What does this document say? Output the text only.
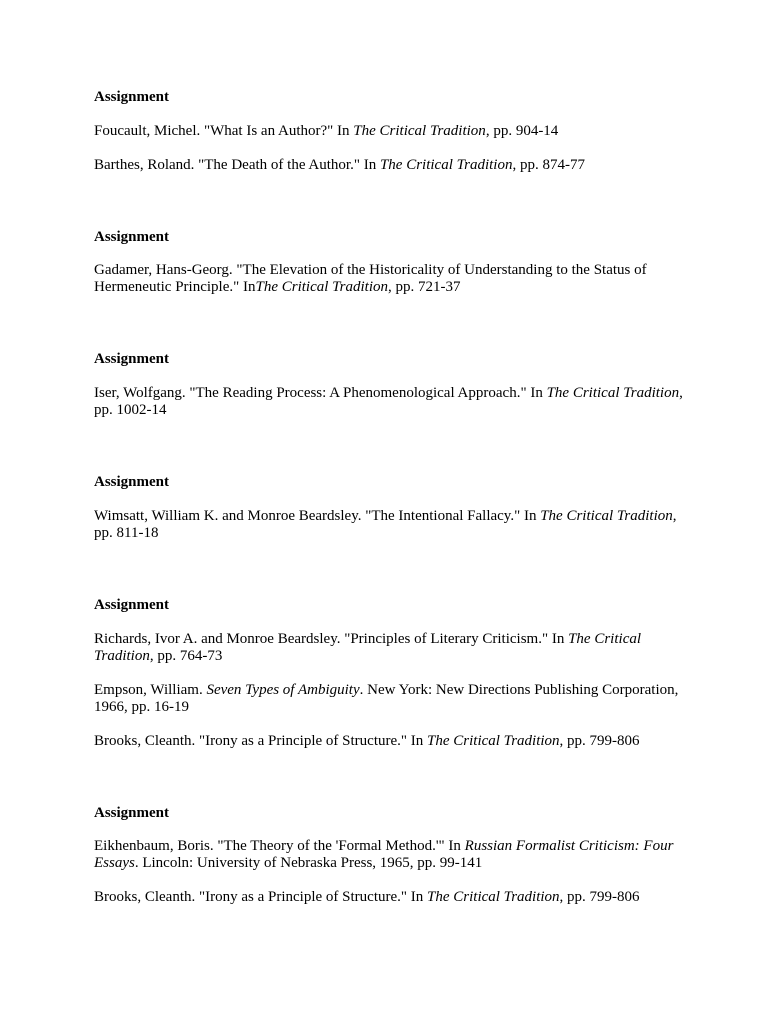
Assignment

Foucault, Michel. "What Is an Author?" In The Critical Tradition, pp. 904-14

Barthes, Roland. "The Death of the Author." In The Critical Tradition, pp. 874-77

Assignment

Gadamer, Hans-Georg. "The Elevation of the Historicality of Understanding to the Status of Hermeneutic Principle." InThe Critical Tradition, pp. 721-37

Assignment

Iser, Wolfgang. "The Reading Process: A Phenomenological Approach." In The Critical Tradition, pp. 1002-14

Assignment

Wimsatt, William K. and Monroe Beardsley. "The Intentional Fallacy." In The Critical Tradition, pp. 811-18

Assignment

Richards, Ivor A. and Monroe Beardsley. "Principles of Literary Criticism." In The Critical Tradition, pp. 764-73

Empson, William. Seven Types of Ambiguity. New York: New Directions Publishing Corporation, 1966, pp. 16-19

Brooks, Cleanth. "Irony as a Principle of Structure." In The Critical Tradition, pp. 799-806

Assignment

Eikhenbaum, Boris. "The Theory of the 'Formal Method.'" In Russian Formalist Criticism: Four Essays. Lincoln: University of Nebraska Press, 1965, pp. 99-141

Brooks, Cleanth. "Irony as a Principle of Structure." In The Critical Tradition, pp. 799-806
